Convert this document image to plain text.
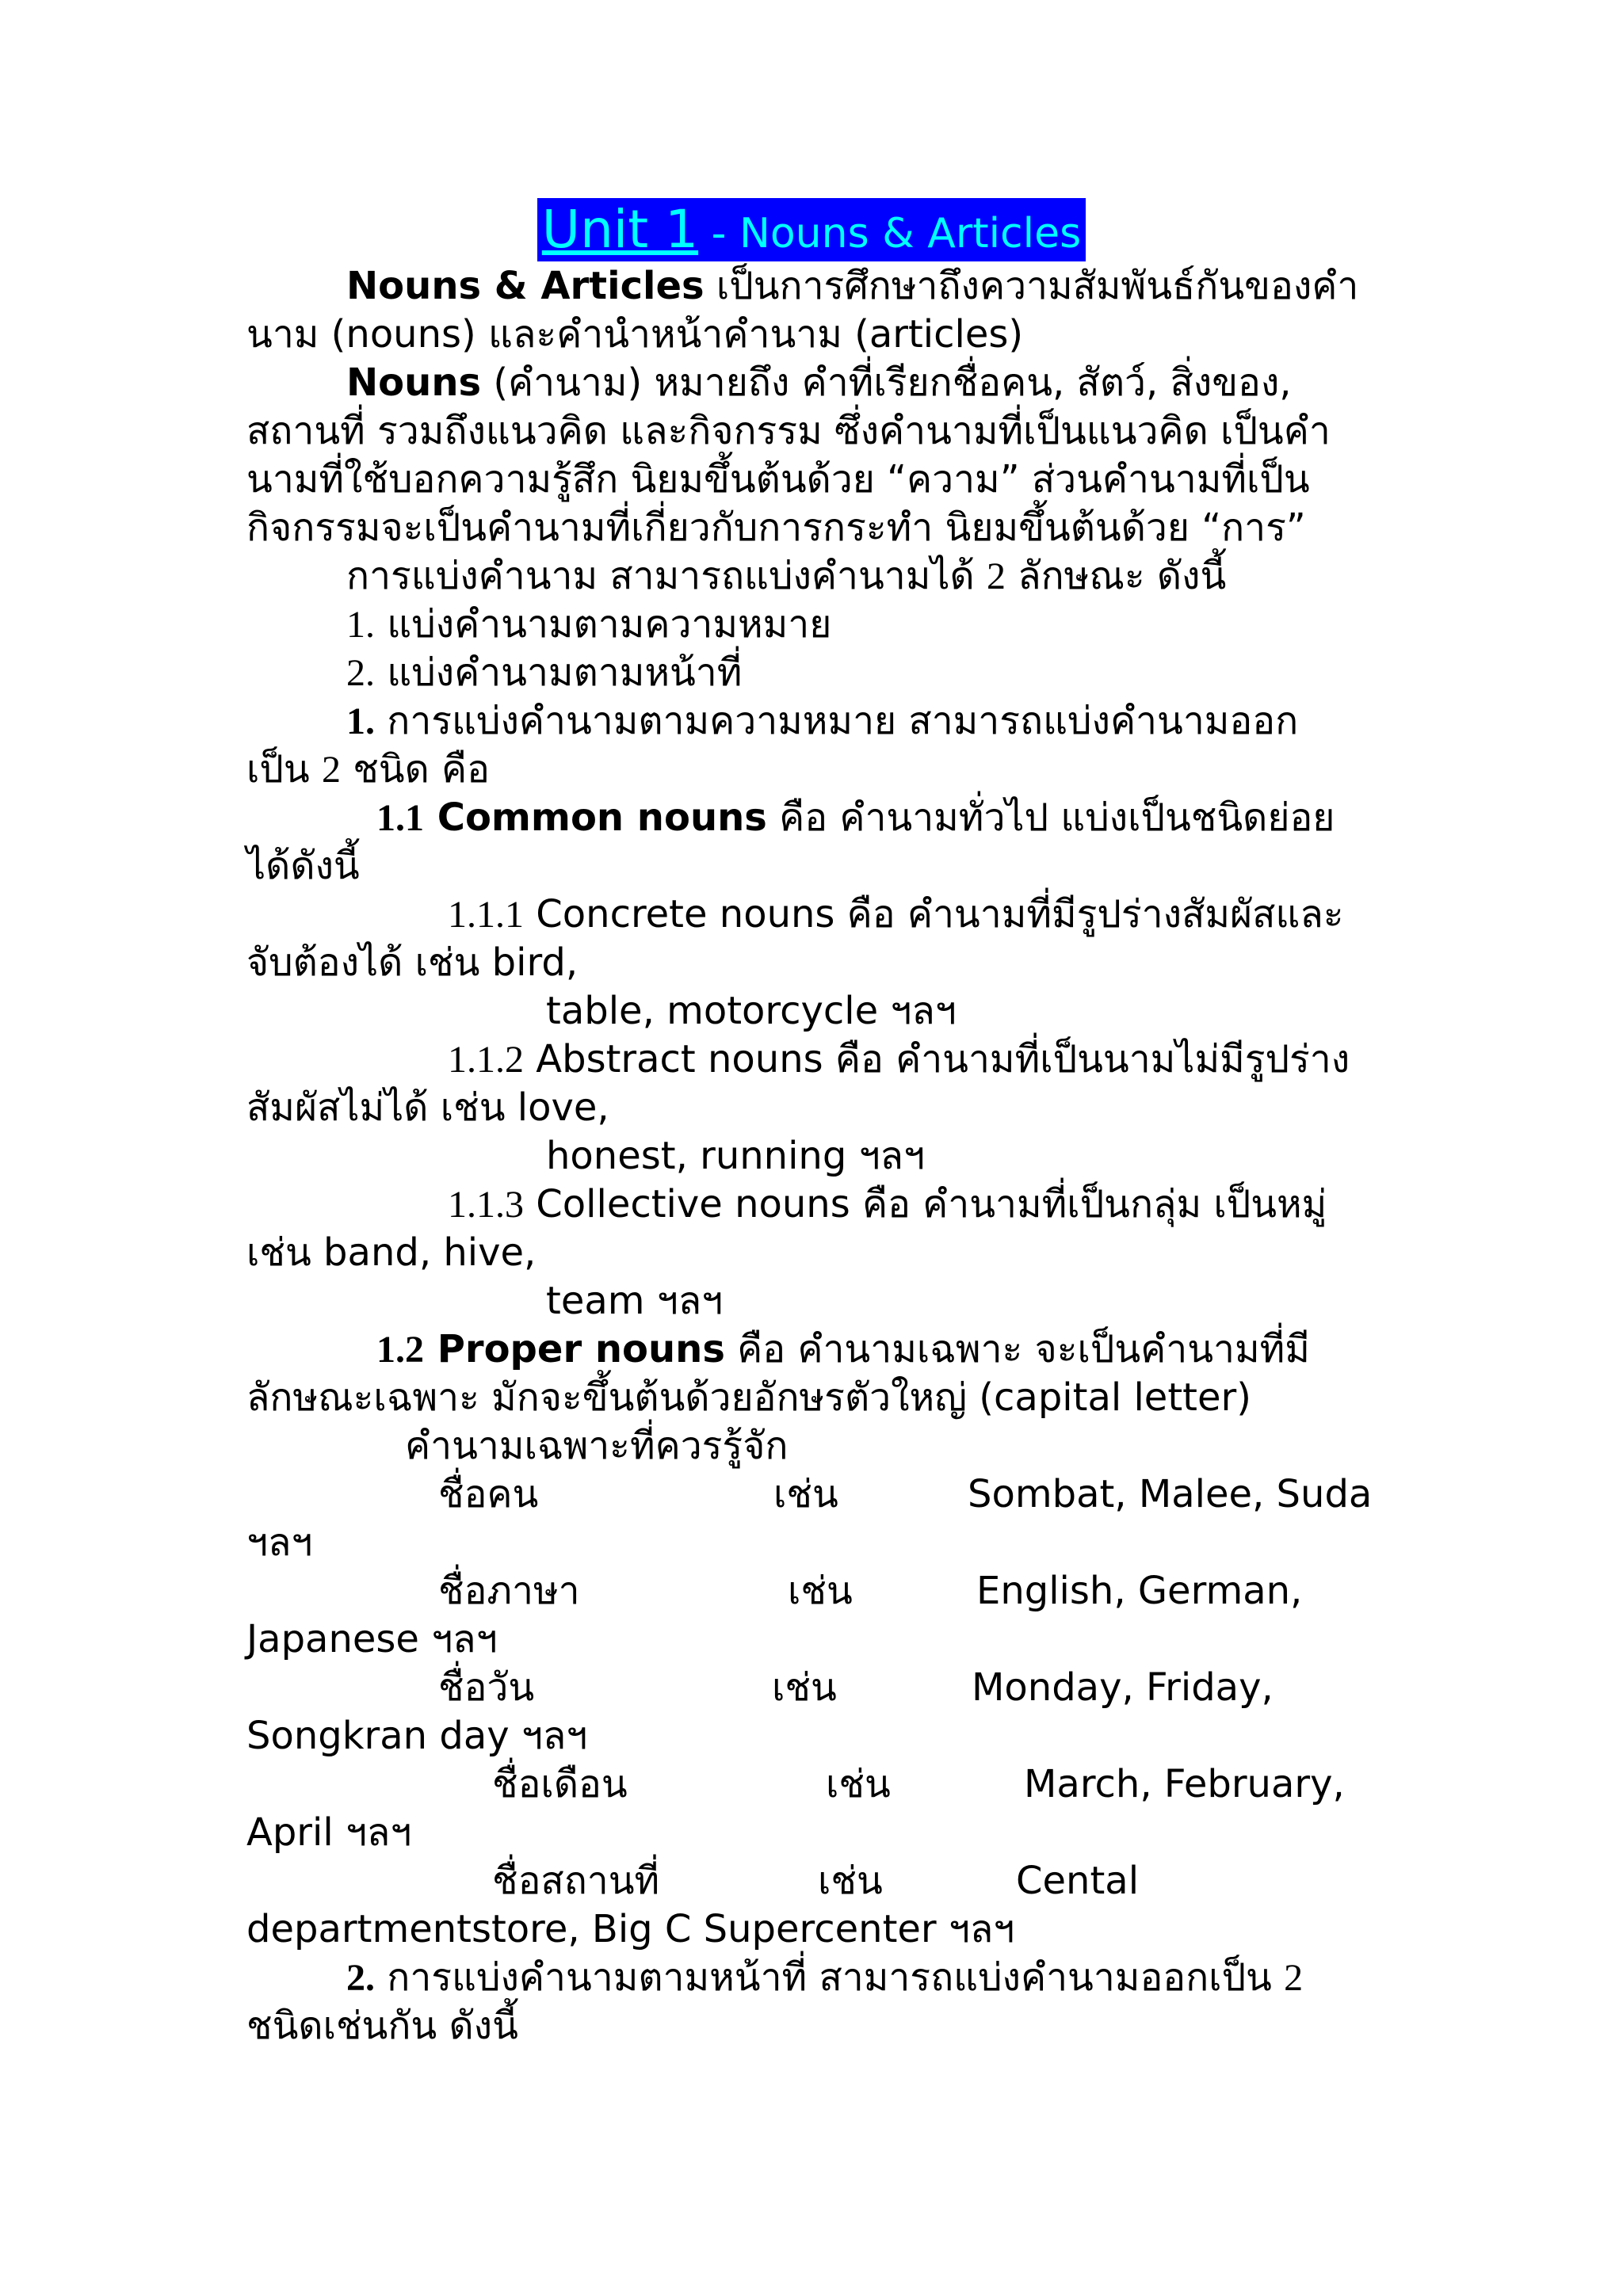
Unit 1 - Nouns & Articles
Nouns & Articles เป็นการศึกษาถึงความสัมพันธ์กันของคำ
นาม (nouns) และคำนำหน้าคำนาม (articles)
Nouns (คำนาม) หมายถึง คำที่เรียกชื่อคน, สัตว์, สิ่งของ,
สถานที่ รวมถึงแนวคิด และกิจกรรม ซึ่งคำนามที่เป็นแนวคิด เป็นคำ
นามที่ใช้บอกความรู้สึก นิยมขึ้นต้นด้วย “ความ” ส่วนคำนามที่เป็น
กิจกรรมจะเป็นคำนามที่เกี่ยวกับการกระทำ นิยมขึ้นต้นด้วย “การ”
การแบ่งคำนาม สามารถแบ่งคำนามได้ 2 ลักษณะ ดังนี้
1. แบ่งคำนามตามความหมาย
2. แบ่งคำนามตามหน้าที่
1. การแบ่งคำนามตามความหมาย สามารถแบ่งคำนามออก
เป็น 2 ชนิด คือ
1.1 Common nouns คือ คำนามทั่วไป แบ่งเป็นชนิดย่อย
ได้ดังนี้
1.1.1 Concrete nouns คือ คำนามที่มีรูปร่างสัมผัสและ
จับต้องได้ เช่น bird,
table, motorcycle ฯลฯ
1.1.2 Abstract nouns คือ คำนามที่เป็นนามไม่มีรูปร่าง
สัมผัสไม่ได้ เช่น love,
honest, running ฯลฯ
1.1.3 Collective nouns คือ คำนามที่เป็นกลุ่ม เป็นหมู่
เช่น band, hive,
team ฯลฯ
1.2 Proper nouns คือ คำนามเฉพาะ จะเป็นคำนามที่มี
ลักษณะเฉพาะ มักจะขึ้นต้นด้วยอักษรตัวใหญ่ (capital letter)
คำนามเฉพาะที่ควรรู้จัก
ชื่อคน	เช่น	Sombat, Malee, Suda
ฯลฯ
ชื่อภาษา	เช่น	English, German,
Japanese ฯลฯ
ชื่อวัน	เช่น	Monday, Friday,
Songkran day ฯลฯ
ชื่อเดือน	เช่น	March, February,
April ฯลฯ
ชื่อสถานที่	เช่น	Cental
departmentstore, Big C Supercenter ฯลฯ
2. การแบ่งคำนามตามหน้าที่ สามารถแบ่งคำนามออกเป็น 2
ชนิดเช่นกัน ดังนี้
